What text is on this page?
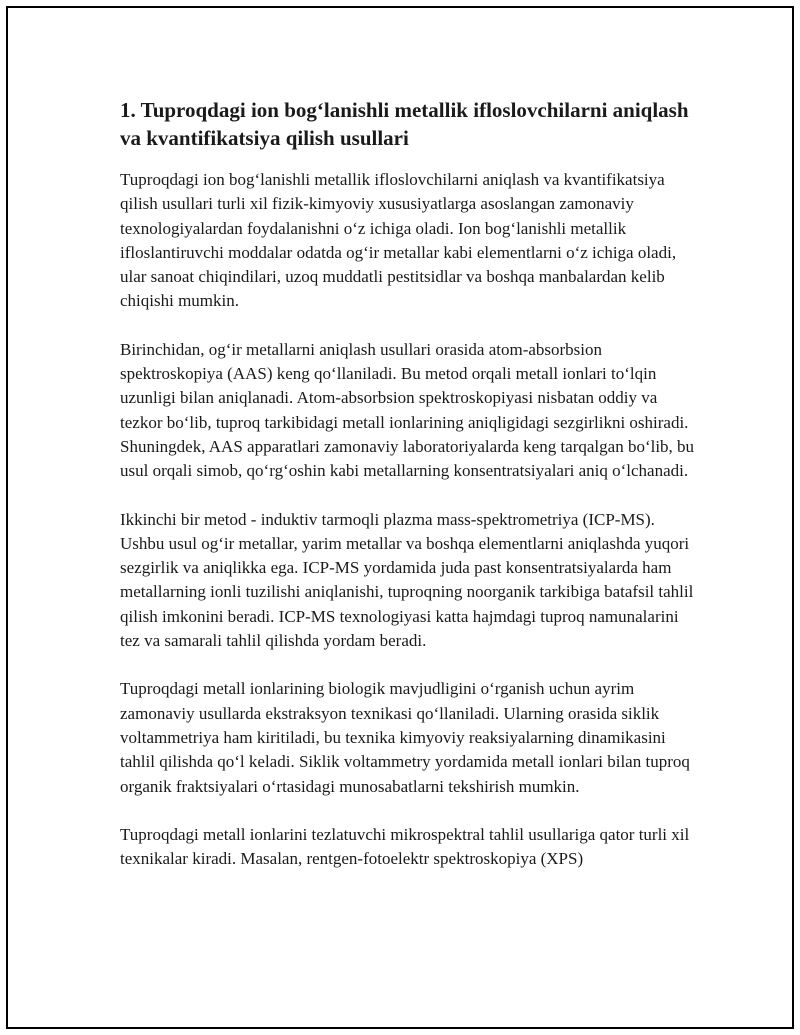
1. Tuproqdagi ion bog‘lanishli metallik ifloslovchilarni aniqlash va kvantifikatsiya qilish usullari

Tuproqdagi ion bog‘lanishli metallik ifloslovchilarni aniqlash va kvantifikatsiya qilish usullari turli xil fizik-kimyoviy xususiyatlarga asoslangan zamonaviy texnologiyalardan foydalanishni o‘z ichiga oladi. Ion bog‘lanishli metallik ifloslantiruvchi moddalar odatda og‘ir metallar kabi elementlarni o‘z ichiga oladi, ular sanoat chiqindilari, uzoq muddatli pestitsidlar va boshqa manbalardan kelib chiqishi mumkin.

Birinchidan, og‘ir metallarni aniqlash usullari orasida atom-absorbsion spektroskopiya (AAS) keng qo‘llaniladi. Bu metod orqali metall ionlari to‘lqin uzunligi bilan aniqlanadi. Atom-absorbsion spektroskopiyasi nisbatan oddiy va tezkor bo‘lib, tuproq tarkibidagi metall ionlarining aniqligidagi sezgirlikni oshiradi. Shuningdek, AAS apparatlari zamonaviy laboratoriyalarda keng tarqalgan bo‘lib, bu usul orqali simob, qo‘rg‘oshin kabi metallarning konsentratsiyalari aniq o‘lchanadi.

Ikkinchi bir metod - induktiv tarmoqli plazma mass-spektrometriya (ICP-MS). Ushbu usul og‘ir metallar, yarim metallar va boshqa elementlarni aniqlashda yuqori sezgirlik va aniqlikka ega. ICP-MS yordamida juda past konsentratsiyalarda ham metallarning ionli tuzilishi aniqlanishi, tuproqning noorganik tarkibiga batafsil tahlil qilish imkonini beradi. ICP-MS texnologiyasi katta hajmdagi tuproq namunalarini tez va samarali tahlil qilishda yordam beradi.

Tuproqdagi metall ionlarining biologik mavjudligini o‘rganish uchun ayrim zamonaviy usullarda ekstraksyon texnikasi qo‘llaniladi. Ularning orasida siklik voltammetriya ham kiritiladi, bu texnika kimyoviy reaksiyalarning dinamikasini tahlil qilishda qo‘l keladi. Siklik voltammetry yordamida metall ionlari bilan tuproq organik fraktsiyalari o‘rtasidagi munosabatlarni tekshirish mumkin.

Tuproqdagi metall ionlarini tezlatuvchi mikrospektral tahlil usullariga qator turli xil texnikalar kiradi. Masalan, rentgen-fotoelektr spektroskopiya (XPS)
